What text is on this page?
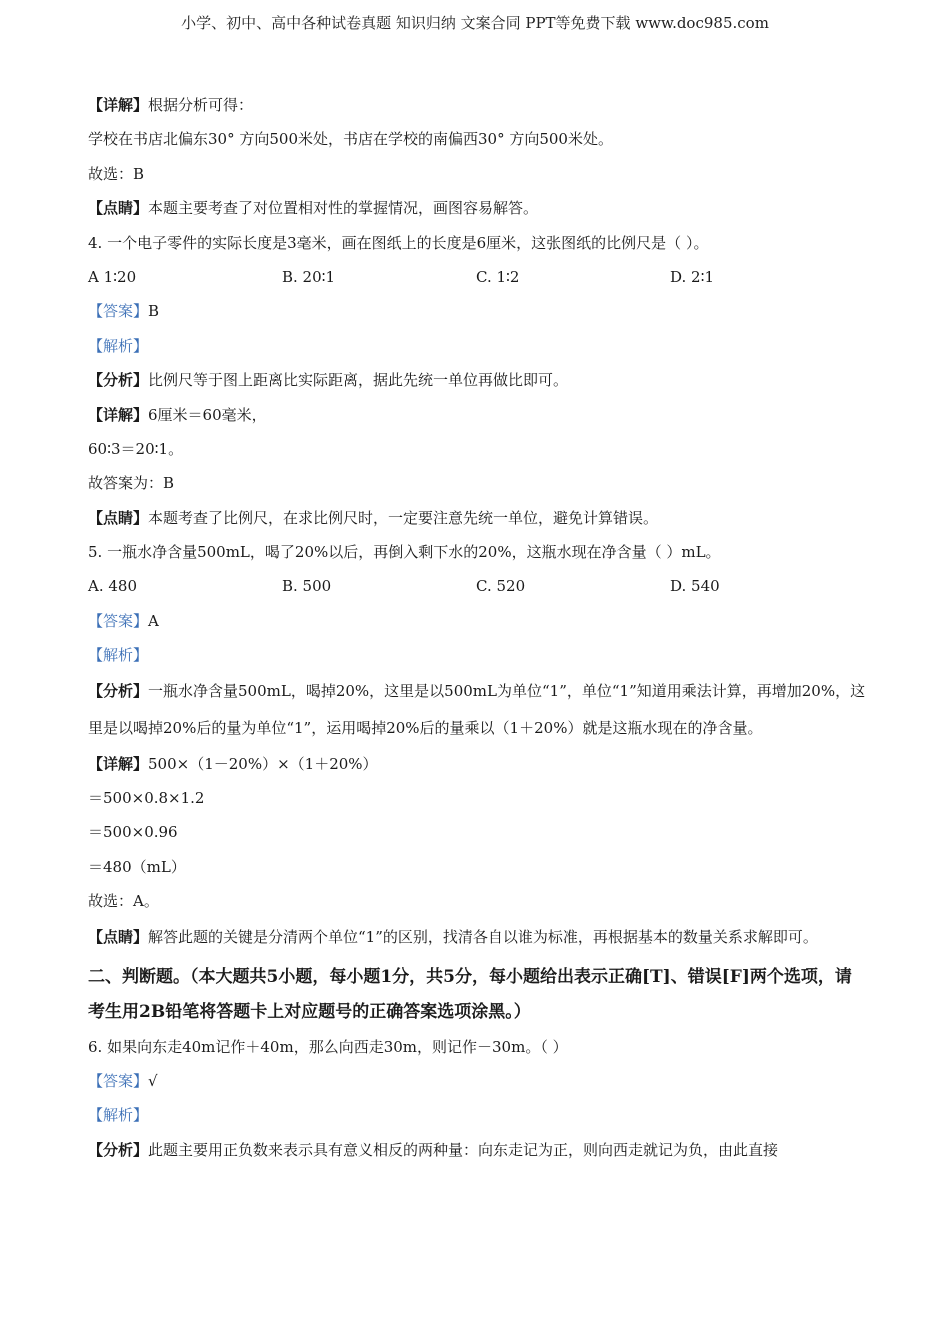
小学、初中、高中各种试卷真题 知识归纳 文案合同 PPT等免费下载 www.doc985.com
【详解】根据分析可得：
学校在书店北偏东30° 方向500米处，书店在学校的南偏西30° 方向500米处。
故选：B
【点睛】本题主要考查了对位置相对性的掌握情况，画图容易解答。
4. 一个电子零件的实际长度是3毫米，画在图纸上的长度是6厘米，这张图纸的比例尺是（ ）。
A 1∶20	B. 20∶1	C. 1∶2	D. 2∶1
【答案】B
【解析】
【分析】比例尺等于图上距离比实际距离，据此先统一单位再做比即可。
【详解】6厘米＝60毫米，
60∶3＝20∶1。
故答案为：B
【点睛】本题考查了比例尺，在求比例尺时，一定要注意先统一单位，避免计算错误。
5. 一瓶水净含量500mL，喝了20%以后，再倒入剩下水的20%，这瓶水现在净含量（ ）mL。
A. 480	B. 500	C. 520	D. 540
【答案】A
【解析】
【分析】一瓶水净含量500mL，喝掉20%，这里是以500mL为单位“1”，单位“1”知道用乘法计算，再增加20%，这里是以喝掉20%后的量为单位“1”，运用喝掉20%后的量乘以（1＋20%）就是这瓶水现在的净含量。
【详解】500×（1－20%）×（1＋20%）
＝500×0.8×1.2
＝500×0.96
＝480（mL）
故选：A。
【点睛】解答此题的关键是分清两个单位“1”的区别，找清各自以谁为标准，再根据基本的数量关系求解即可。
二、判断题。（本大题共5小题，每小题1分，共5分，每小题给出表示正确[T]、错误[F]两个选项，请考生用2B铅笔将答题卡上对应题号的正确答案选项涂黑。）
6. 如果向东走40m记作＋40m，那么向西走30m，则记作－30m。（ ）
【答案】√
【解析】
【分析】此题主要用正负数来表示具有意义相反的两种量：向东走记为正，则向西走就记为负，由此直接
